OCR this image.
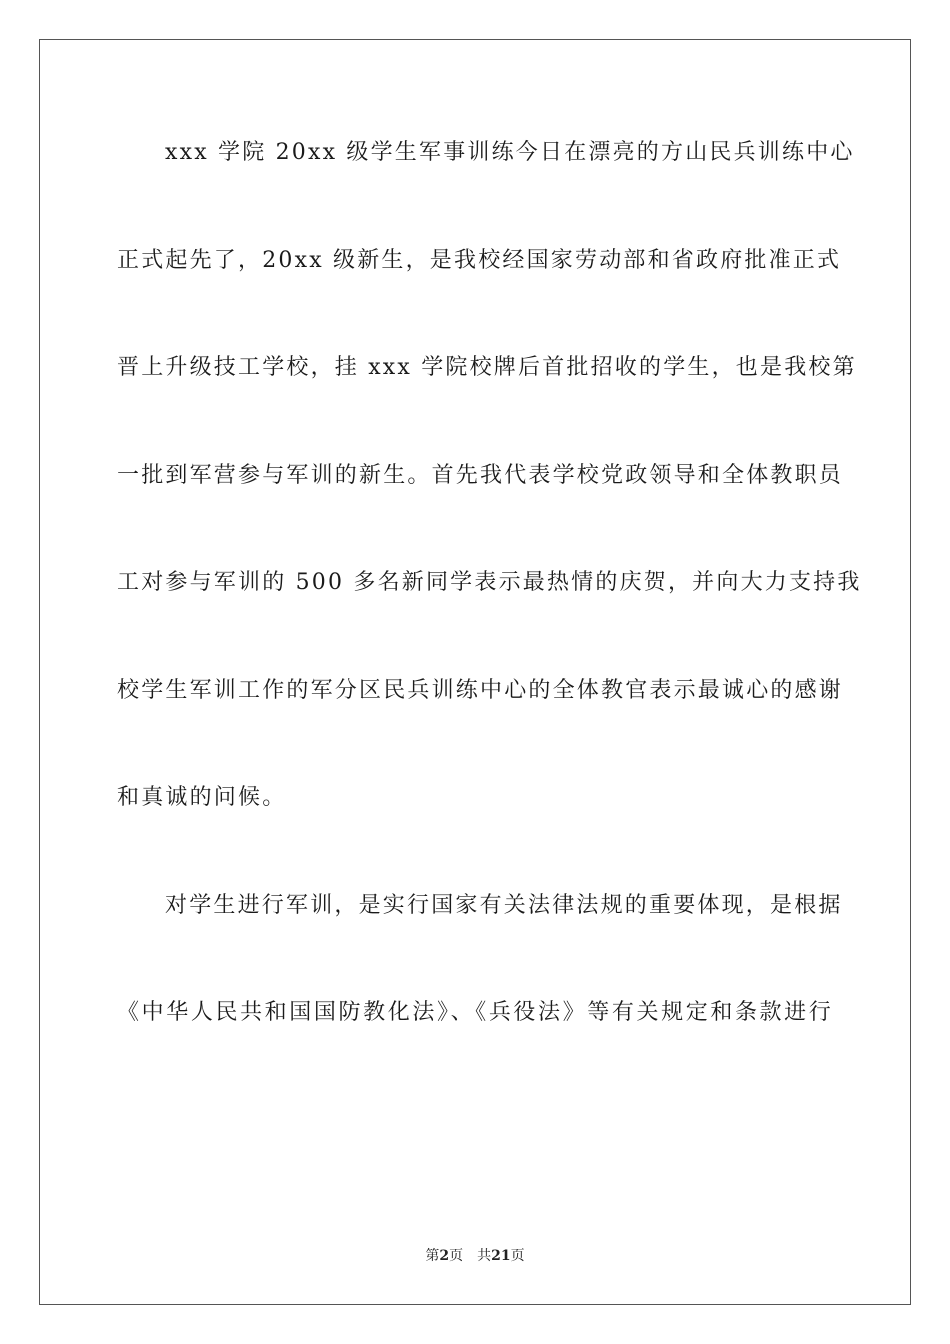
xxx 学院 20xx 级学生军事训练今日在漂亮的方山民兵训练中心
正式起先了，20xx 级新生，是我校经国家劳动部和省政府批准正式
晋上升级技工学校，挂 xxx 学院校牌后首批招收的学生，也是我校第
一批到军营参与军训的新生。首先我代表学校党政领导和全体教职员
工对参与军训的 500 多名新同学表示最热情的庆贺，并向大力支持我
校学生军训工作的军分区民兵训练中心的全体教官表示最诚心的感谢
和真诚的问候。
对学生进行军训，是实行国家有关法律法规的重要体现，是根据
《中华人民共和国国防教化法》、《兵役法》等有关规定和条款进行
第2页 共21页
